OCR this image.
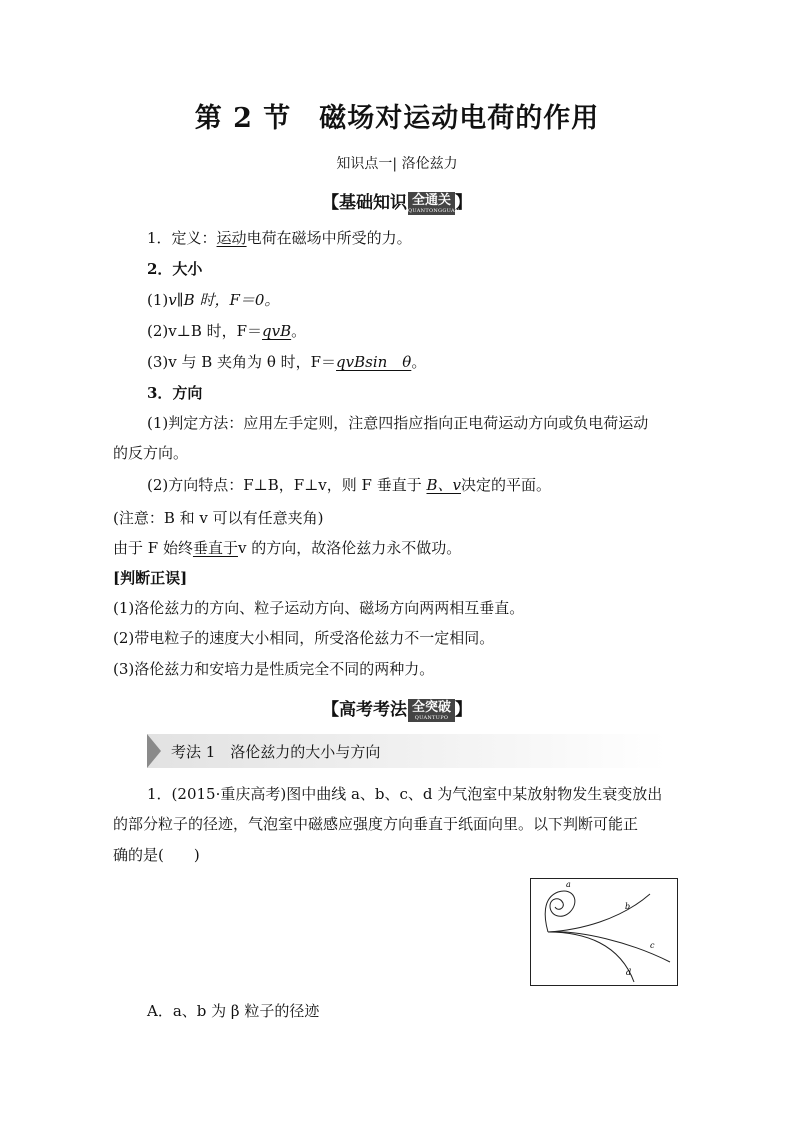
第 2 节　磁场对运动电荷的作用
知识点一| 洛伦兹力
【基础知识 全通关
QUANTONGGUAN
】
1．定义：运动电荷在磁场中所受的力。
2．大小
(1)v∥B 时，F＝0。
(2)v⊥B 时，F＝qvB。
(3)v 与 B 夹角为 θ 时，F＝qvBsin　θ。
3．方向
(1)判定方法：应用左手定则，注意四指应指向正电荷运动方向或负电荷运动
的反方向。
(2)方向特点：F⊥B，F⊥v，则 F 垂直于 B、v决定的平面。
(注意：B 和 v 可以有任意夹角)
由于 F 始终垂直于v 的方向，故洛伦兹力永不做功。
[判断正误]
(1)洛伦兹力的方向、粒子运动方向、磁场方向两两相互垂直。
(2)带电粒子的速度大小相同，所受洛伦兹力不一定相同。
(3)洛伦兹力和安培力是性质完全不同的两种力。
【高考考法 全突破
QUANTUPO 】
考法 1　洛伦兹力的大小与方向
1．(2015·重庆高考)图中曲线 a、b、c、d 为气泡室中某放射物发生衰变放出
的部分粒子的径迹，气泡室中磁感应强度方向垂直于纸面向里。以下判断可能正
确的是(　　)
a
b
c
d
A．a、b 为 β 粒子的径迹
